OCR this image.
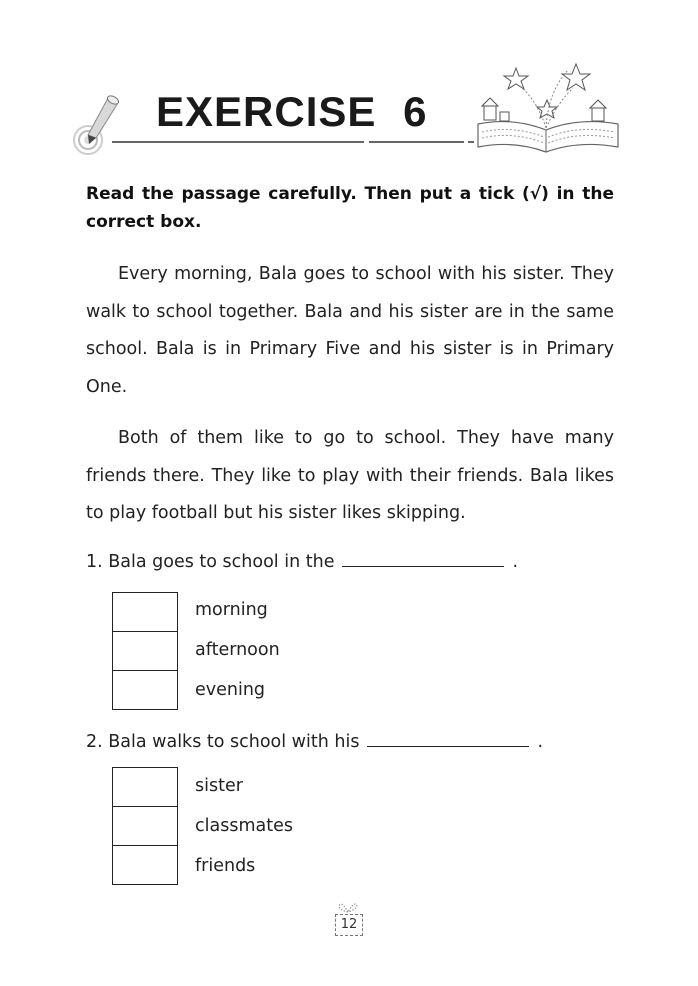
EXERCISE 6
Read the passage carefully. Then put a tick (√) in the correct box.
Every morning, Bala goes to school with his sister. They walk to school together. Bala and his sister are in the same school. Bala is in Primary Five and his sister is in Primary One.
Both of them like to go to school. They have many friends there. They like to play with their friends. Bala likes to play football but his sister likes skipping.
1. Bala goes to school in the	.
morning
afternoon
evening
2. Bala walks to school with his	.
sister
classmates
friends
12
